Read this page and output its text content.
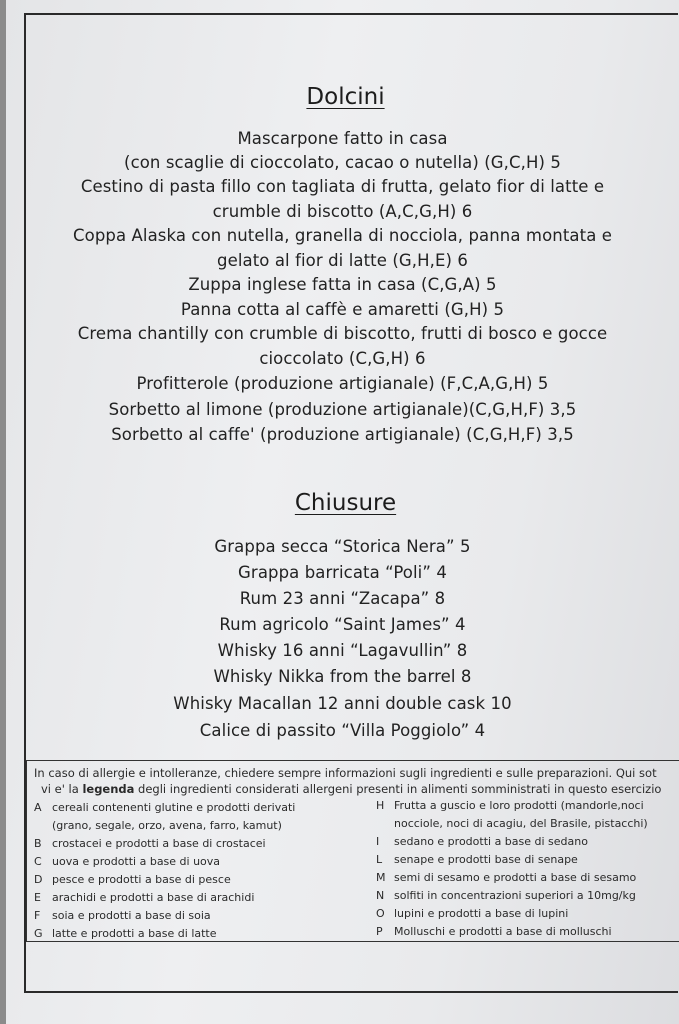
Dolcini
Mascarpone fatto in casa
(con scaglie di cioccolato, cacao o nutella) (G,C,H) 5
Cestino di pasta fillo con tagliata di frutta, gelato fior di latte e
crumble di biscotto (A,C,G,H) 6
Coppa Alaska con nutella, granella di nocciola, panna montata e
gelato al fior di latte (G,H,E) 6
Zuppa inglese fatta in casa (C,G,A) 5
Panna cotta al caffè e amaretti (G,H) 5
Crema chantilly con crumble di biscotto, frutti di bosco e gocce
cioccolato (C,G,H) 6
Profitterole (produzione artigianale) (F,C,A,G,H) 5
Sorbetto al limone (produzione artigianale)(C,G,H,F) 3,5
Sorbetto al caffe' (produzione artigianale) (C,G,H,F) 3,5
Chiusure
Grappa secca “Storica Nera” 5
Grappa barricata “Poli” 4
Rum 23 anni “Zacapa” 8
Rum agricolo “Saint James” 4
Whisky 16 anni “Lagavullin” 8
Whisky Nikka from the barrel 8
Whisky Macallan 12 anni double cask 10
Calice di passito “Villa Poggiolo” 4
In caso di allergie e intolleranze, chiedere sempre informazioni sugli ingredienti e sulle preparazioni. Qui sot
vi e' la legenda degli ingredienti considerati allergeni presenti in alimenti somministrati in questo esercizio
A cereali contenenti glutine e prodotti derivati
(grano, segale, orzo, avena, farro, kamut)
B crostacei e prodotti a base di crostacei
C uova e prodotti a base di uova
D pesce e prodotti a base di pesce
E arachidi e prodotti a base di arachidi
F soia e prodotti a base di soia
G latte e prodotti a base di latte
H Frutta a guscio e loro prodotti (mandorle,noci
nocciole, noci di acagiu, del Brasile, pistacchi)
I sedano e prodotti a base di sedano
L senape e prodotti base di senape
M semi di sesamo e prodotti a base di sesamo
N solfiti in concentrazioni superiori a 10mg/kg
O lupini e prodotti a base di lupini
P Molluschi e prodotti a base di molluschi
